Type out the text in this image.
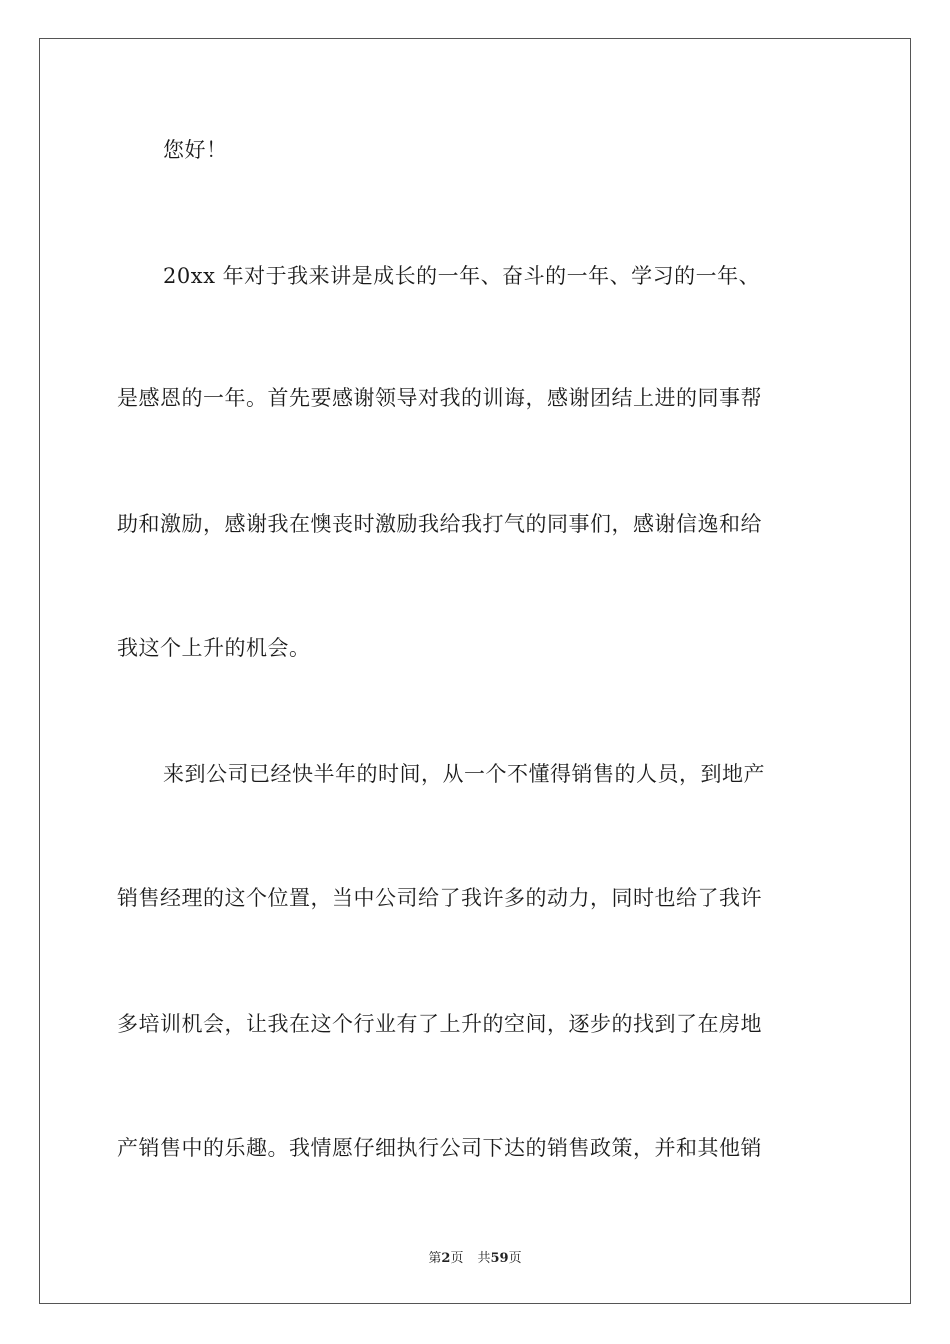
您好！
20xx 年对于我来讲是成长的一年、奋斗的一年、学习的一年、
是感恩的一年。首先要感谢领导对我的训诲，感谢团结上进的同事帮
助和激励，感谢我在懊丧时激励我给我打气的同事们，感谢信逸和给
我这个上升的机会。
来到公司已经快半年的时间，从一个不懂得销售的人员，到地产
销售经理的这个位置，当中公司给了我许多的动力，同时也给了我许
多培训机会，让我在这个行业有了上升的空间，逐步的找到了在房地
产销售中的乐趣。我情愿仔细执行公司下达的销售政策，并和其他销
第2页 共59页
